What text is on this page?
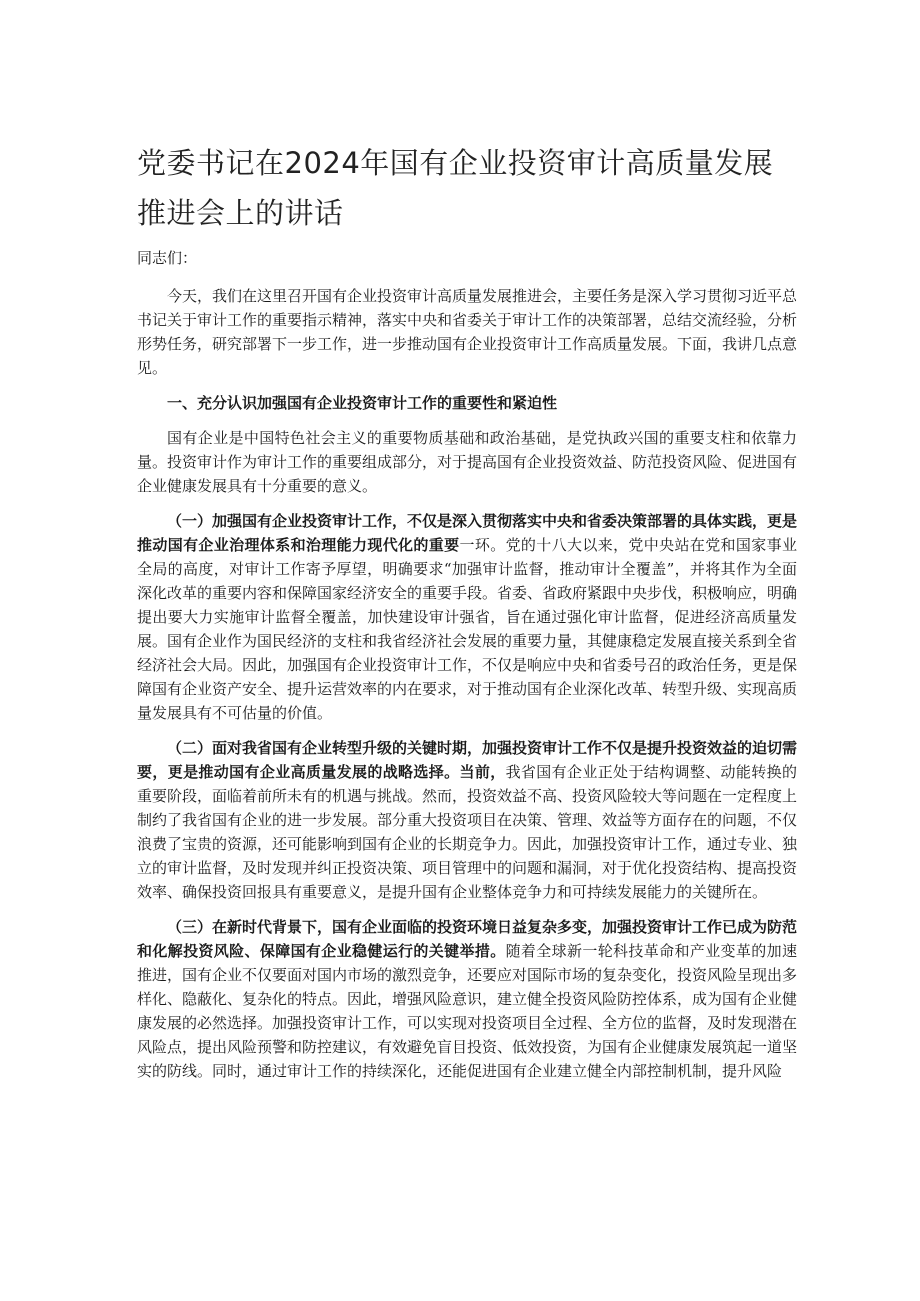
党委书记在2024年国有企业投资审计高质量发展推进会上的讲话
同志们：

今天，我们在这里召开国有企业投资审计高质量发展推进会，主要任务是深入学习贯彻习近平总书记关于审计工作的重要指示精神，落实中央和省委关于审计工作的决策部署，总结交流经验，分析形势任务，研究部署下一步工作，进一步推动国有企业投资审计工作高质量发展。下面，我讲几点意见。

一、充分认识加强国有企业投资审计工作的重要性和紧迫性

国有企业是中国特色社会主义的重要物质基础和政治基础，是党执政兴国的重要支柱和依靠力量。投资审计作为审计工作的重要组成部分，对于提高国有企业投资效益、防范投资风险、促进国有企业健康发展具有十分重要的意义。

（一）加强国有企业投资审计工作，不仅是深入贯彻落实中央和省委决策部署的具体实践，更是推动国有企业治理体系和治理能力现代化的重要一环。党的十八大以来，党中央站在党和国家事业全局的高度，对审计工作寄予厚望，明确要求“加强审计监督，推动审计全覆盖”，并将其作为全面深化改革的重要内容和保障国家经济安全的重要手段。省委、省政府紧跟中央步伐，积极响应，明确提出要大力实施审计监督全覆盖，加快建设审计强省，旨在通过强化审计监督，促进经济高质量发展。国有企业作为国民经济的支柱和我省经济社会发展的重要力量，其健康稳定发展直接关系到全省经济社会大局。因此，加强国有企业投资审计工作，不仅是响应中央和省委号召的政治任务，更是保障国有企业资产安全、提升运营效率的内在要求，对于推动国有企业深化改革、转型升级、实现高质量发展具有不可估量的价值。

（二）面对我省国有企业转型升级的关键时期，加强投资审计工作不仅是提升投资效益的迫切需要，更是推动国有企业高质量发展的战略选择。当前，我省国有企业正处于结构调整、动能转换的重要阶段，面临着前所未有的机遇与挑战。然而，投资效益不高、投资风险较大等问题在一定程度上制约了我省国有企业的进一步发展。部分重大投资项目在决策、管理、效益等方面存在的问题，不仅浪费了宝贵的资源，还可能影响到国有企业的长期竞争力。因此，加强投资审计工作，通过专业、独立的审计监督，及时发现并纠正投资决策、项目管理中的问题和漏洞，对于优化投资结构、提高投资效率、确保投资回报具有重要意义，是提升国有企业整体竞争力和可持续发展能力的关键所在。

（三）在新时代背景下，国有企业面临的投资环境日益复杂多变，加强投资审计工作已成为防范和化解投资风险、保障国有企业稳健运行的关键举措。随着全球新一轮科技革命和产业变革的加速推进，国有企业不仅要面对国内市场的激烈竞争，还要应对国际市场的复杂变化，投资风险呈现出多样化、隐蔽化、复杂化的特点。因此，增强风险意识，建立健全投资风险防控体系，成为国有企业健康发展的必然选择。加强投资审计工作，可以实现对投资项目全过程、全方位的监督，及时发现潜在风险点，提出风险预警和防控建议，有效避免盲目投资、低效投资，为国有企业健康发展筑起一道坚实的防线。同时，通过审计工作的持续深化，还能促进国有企业建立健全内部控制机制，提升风险
